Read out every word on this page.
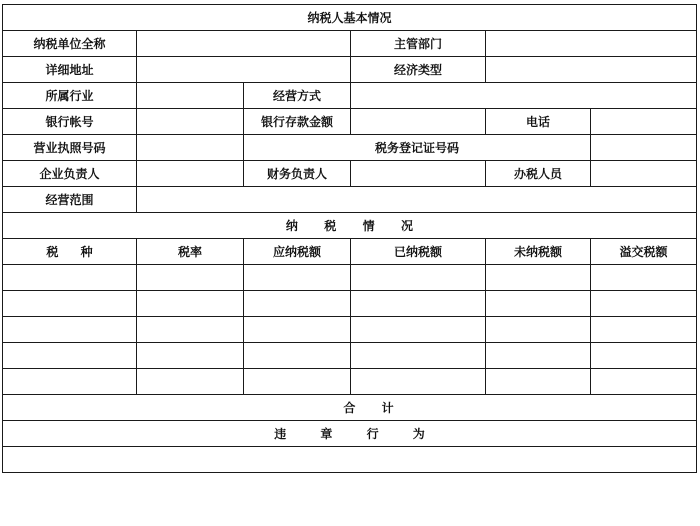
纳税人基本情况					
纳税单位全称			主管部门		
详细地址			经济类型		
所属行业		经营方式			
银行帐号		银行存款金额		电话	
营业执照号码		税务登记证号码			
企业负责人		财务负责人		办税人员	
经营范围					
纳 税 情 况					
税 种	税率	应纳税额	已纳税额	未纳税额	溢交税额

合 计					
违 章 行 为					
